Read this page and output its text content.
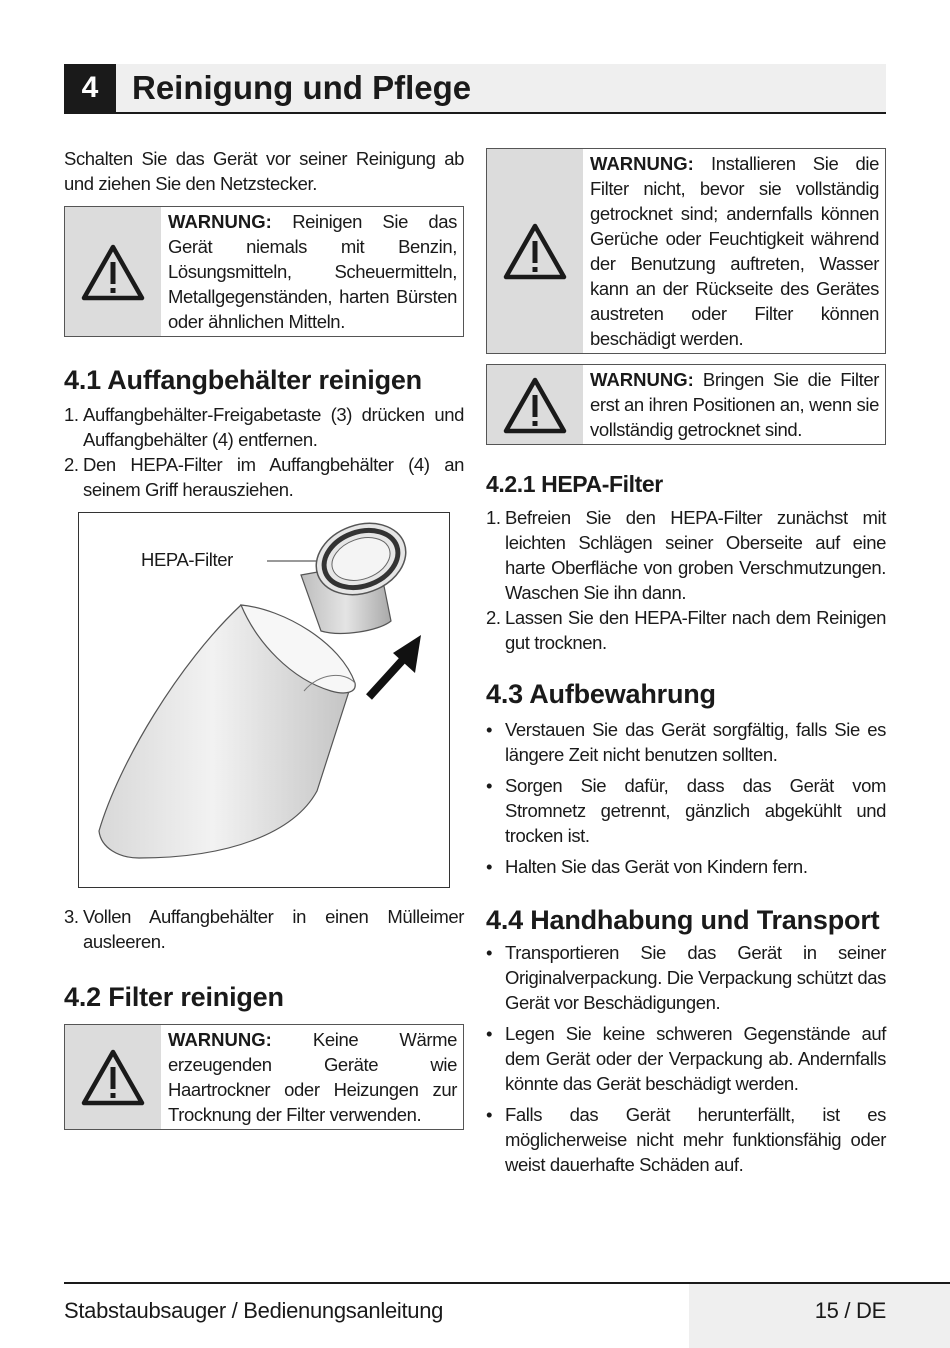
4	Reinigung und Pflege

Schalten Sie das Gerät vor seiner Reinigung ab und ziehen Sie den Netzstecker.

WARNUNG: Reinigen Sie das Gerät niemals mit Benzin, Lösungsmitteln, Scheuermitteln, Metallgegenständen, harten Bürsten oder ähnlichen Mitteln.
4.1 Auffangbehälter reinigen
1. Auffangbehälter-Freigabetaste (3) drücken und Auffangbehälter (4) entfernen.
2. Den HEPA-Filter im Auffangbehälter (4) an seinem Griff herausziehen.
HEPA-Filter
3. Vollen Auffangbehälter in einen Mülleimer ausleeren.
4.2 Filter reinigen
WARNUNG: Keine Wärme erzeugenden Geräte wie Haartrockner oder Heizungen zur Trocknung der Filter verwenden.
WARNUNG: Installieren Sie die Filter nicht, bevor sie vollständig getrocknet sind; andernfalls können Gerüche oder Feuchtigkeit während der Benutzung auftreten, Wasser kann an der Rückseite des Gerätes austreten oder Filter können beschädigt werden.
WARNUNG: Bringen Sie die Filter erst an ihren Positionen an, wenn sie vollständig getrocknet sind.
4.2.1 HEPA-Filter
1. Befreien Sie den HEPA-Filter zunächst mit leichten Schlägen seiner Oberseite auf eine harte Oberfläche von groben Verschmutzungen. Waschen Sie ihn dann.
2. Lassen Sie den HEPA-Filter nach dem Reinigen gut trocknen.
4.3 Aufbewahrung
• Verstauen Sie das Gerät sorgfältig, falls Sie es längere Zeit nicht benutzen sollten.
• Sorgen Sie dafür, dass das Gerät vom Stromnetz getrennt, gänzlich abgekühlt und trocken ist.
• Halten Sie das Gerät von Kindern fern.
4.4 Handhabung und Transport
• Transportieren Sie das Gerät in seiner Originalverpackung. Die Verpackung schützt das Gerät vor Beschädigungen.
• Legen Sie keine schweren Gegenstände auf dem Gerät oder der Verpackung ab. Andernfalls könnte das Gerät beschädigt werden.
• Falls das Gerät herunterfällt, ist es möglicherweise nicht mehr funktionsfähig oder weist dauerhafte Schäden auf.
Stabstaubsauger / Bedienungsanleitung	15 / DE
